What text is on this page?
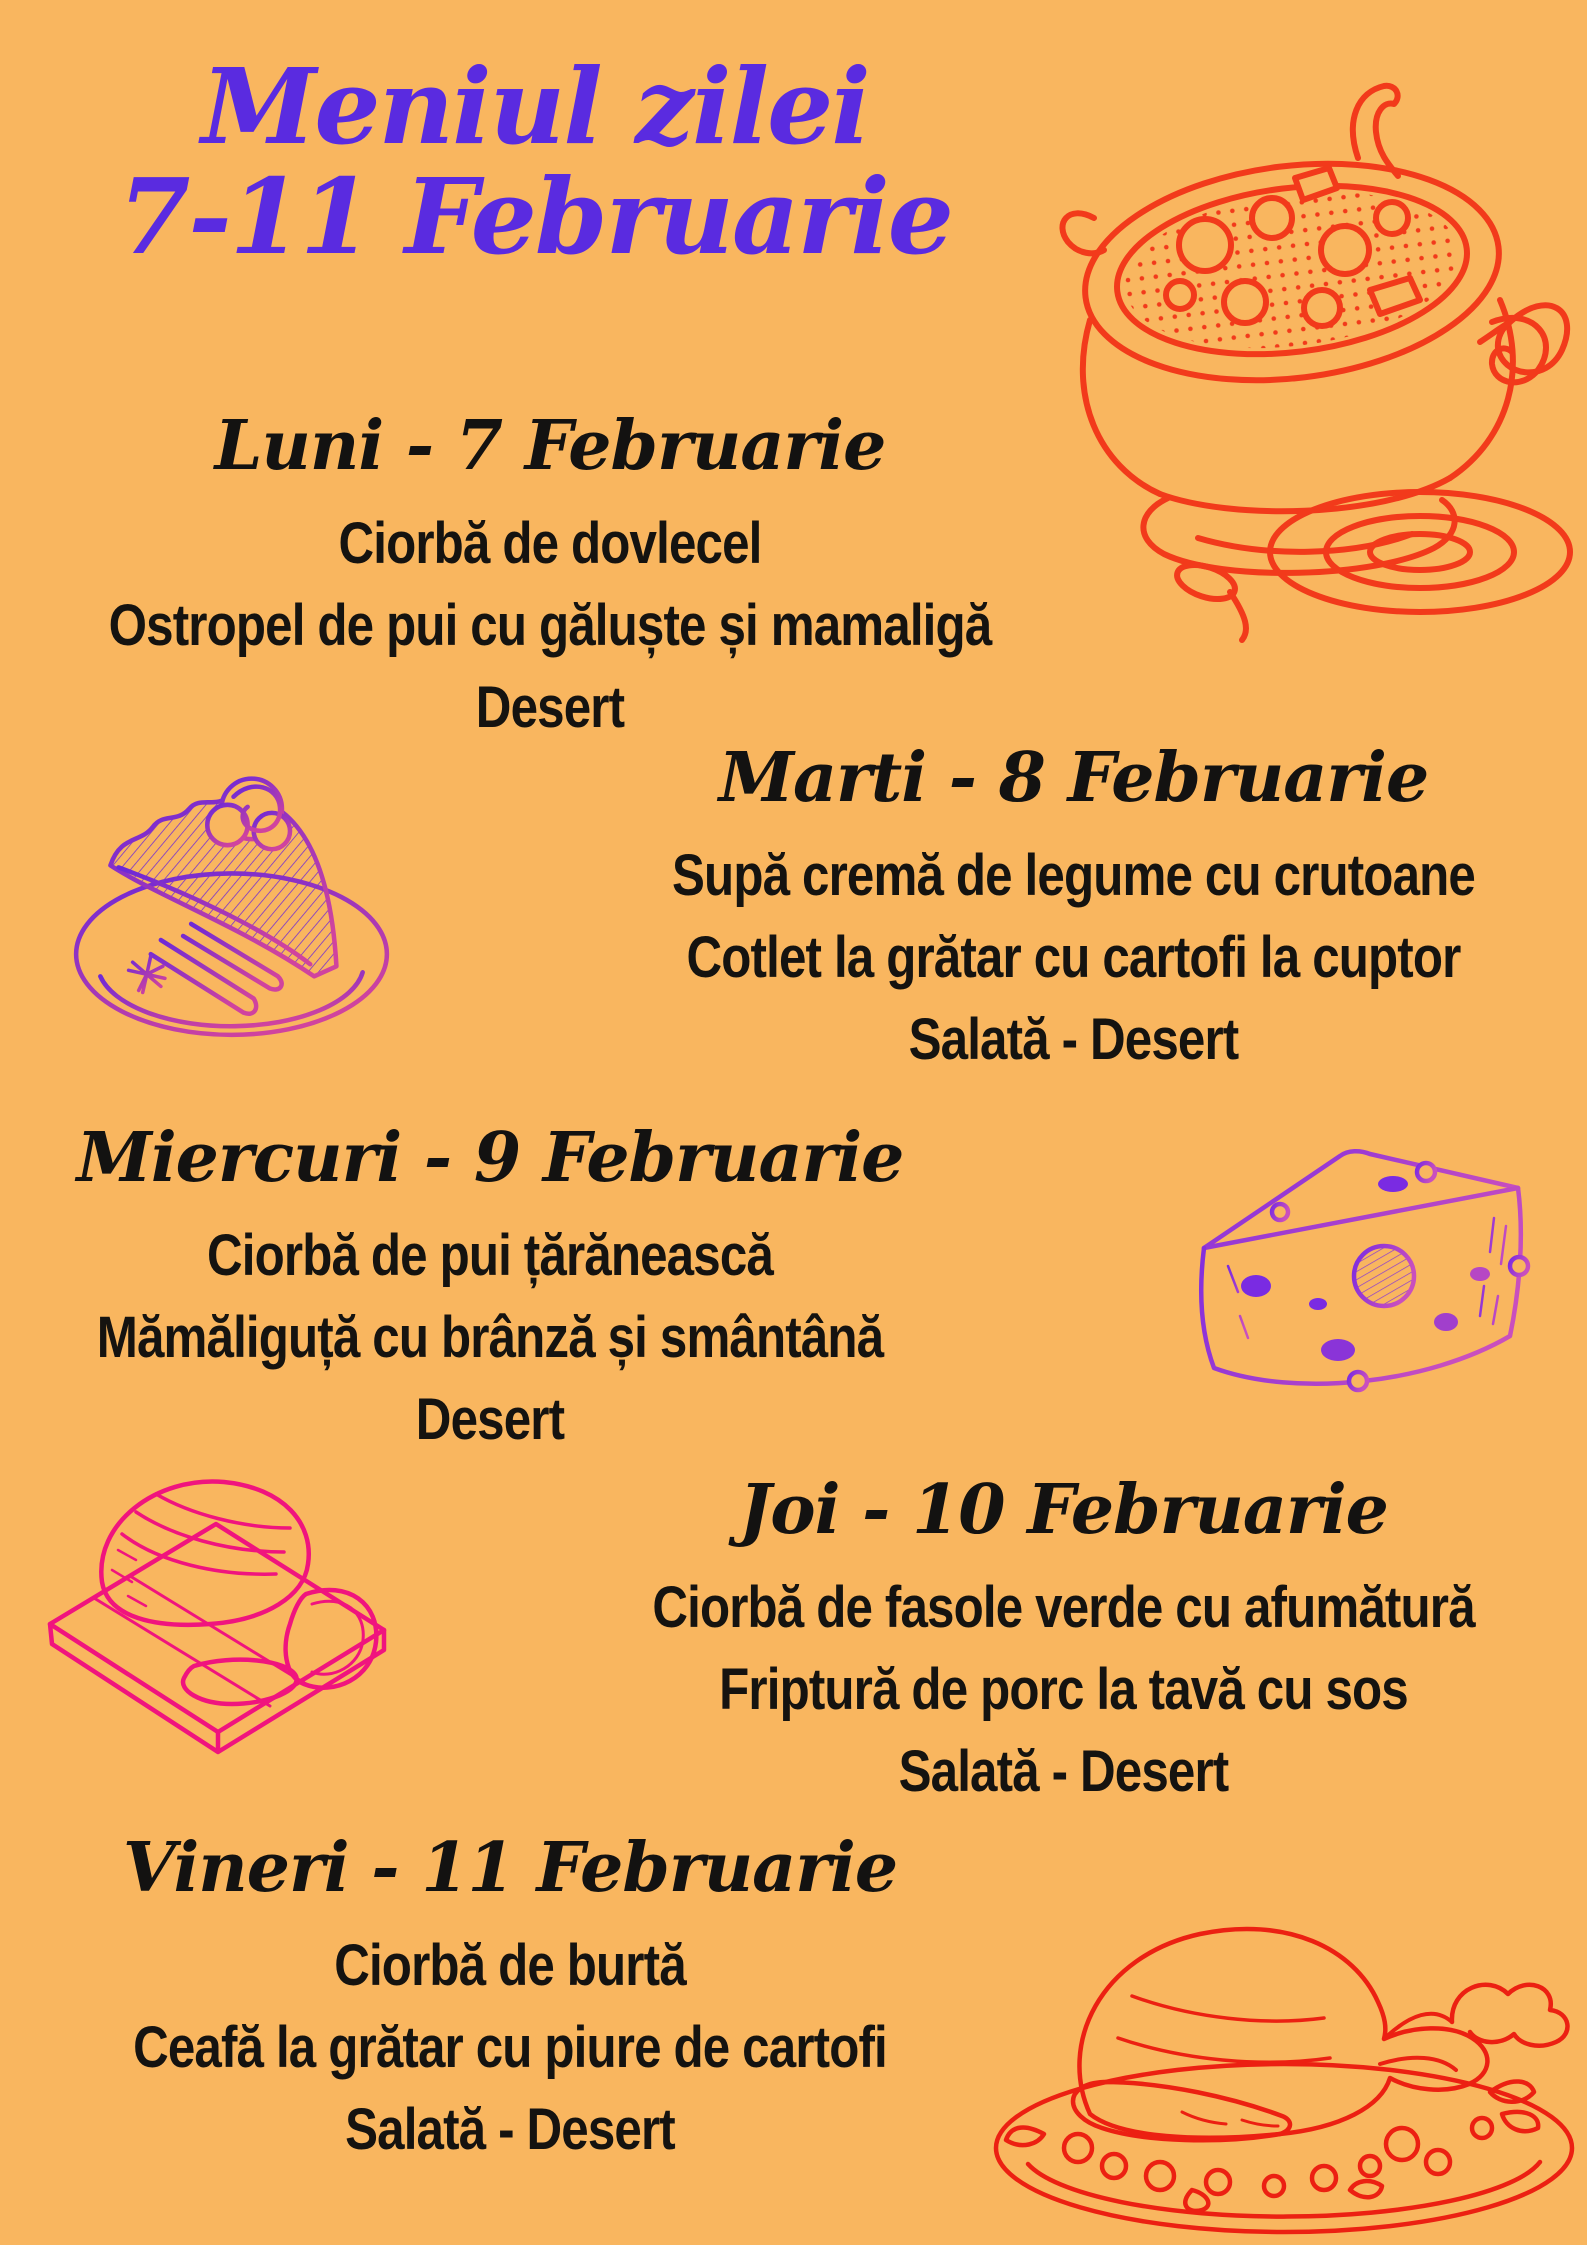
Meniul zilei
7-11 Februarie
Luni - 7 Februarie
Ciorbă de dovlecel
Ostropel de pui cu găluște și mamaligă
Desert
Marti - 8 Februarie
Supă cremă de legume cu crutoane
Cotlet la grătar cu cartofi la cuptor
Salată - Desert
Miercuri - 9 Februarie
Ciorbă de pui țărănească
Mămăliguță cu brânză și smântână
Desert
Joi - 10 Februarie
Ciorbă de fasole verde cu afumătură
Friptură de porc la tavă cu sos
Salată - Desert
Vineri - 11 Februarie
Ciorbă de burtă
Ceafă la grătar cu piure de cartofi
Salată - Desert
